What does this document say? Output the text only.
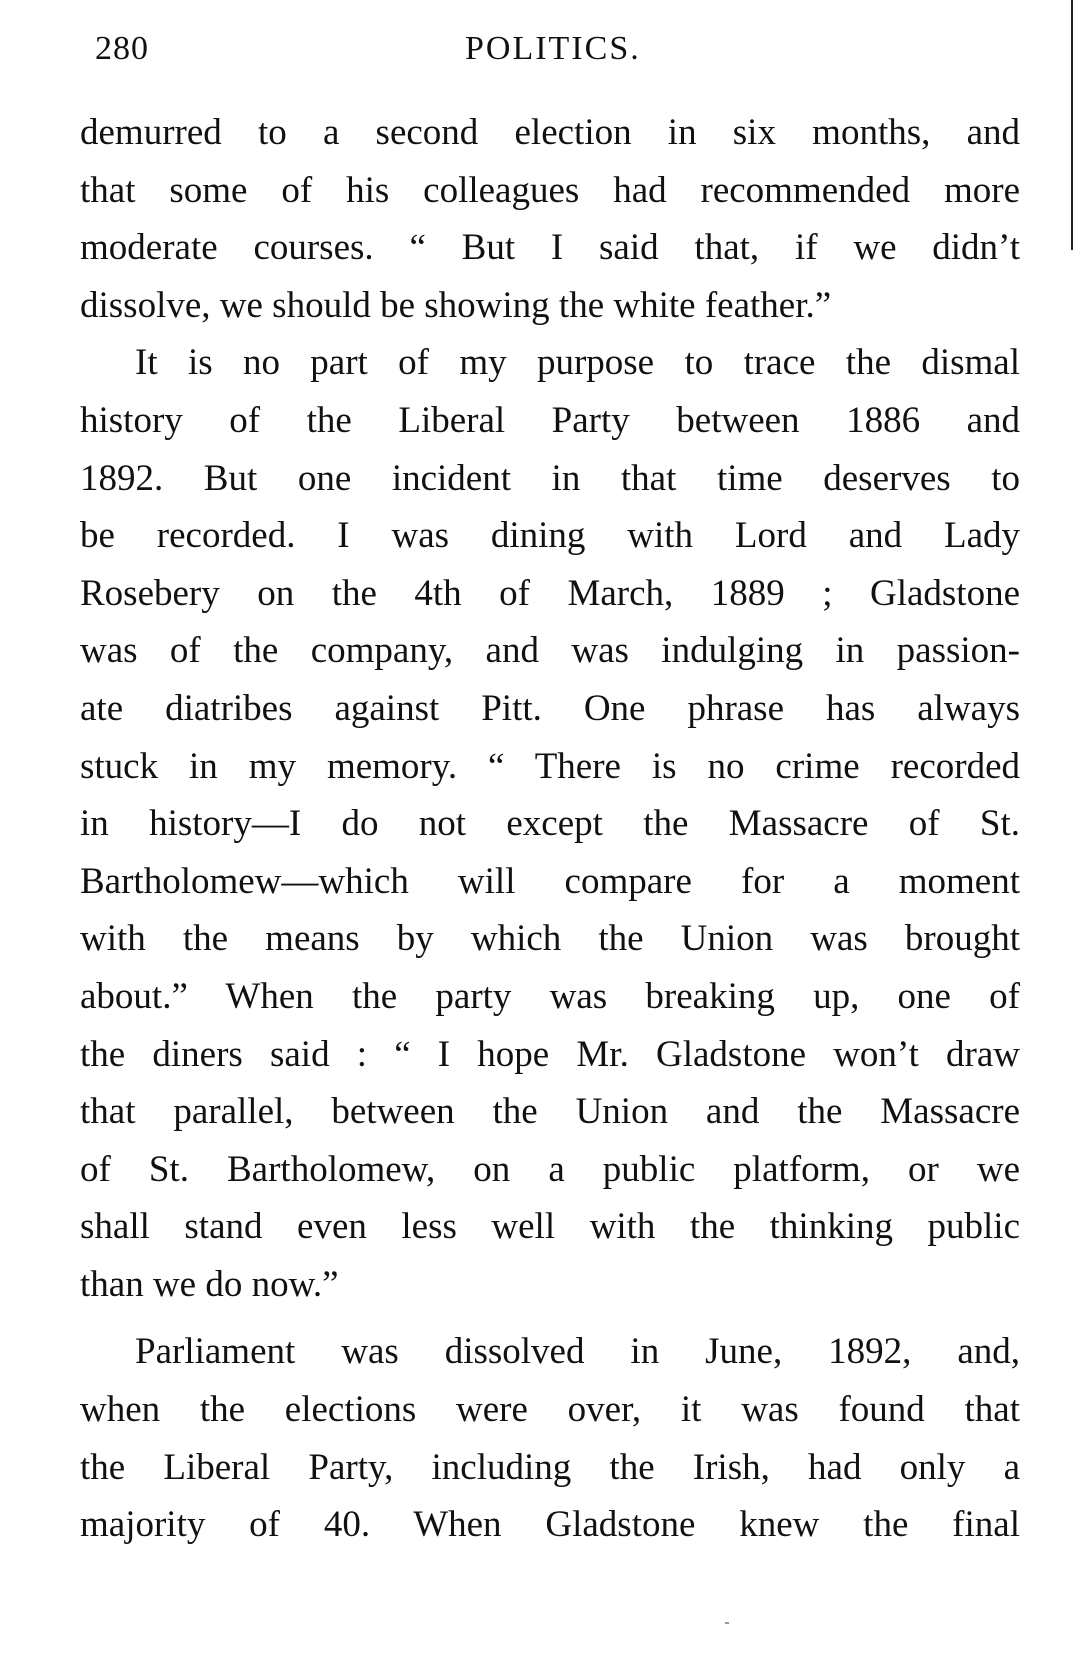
280	POLITICS.
demurred to a second election in six months, and
that some of his colleagues had recommended more
moderate courses. “ But I said that, if we didn’t
dissolve, we should be showing the white feather.”
It is no part of my purpose to trace the dismal
history of the Liberal Party between 1886 and
1892. But one incident in that time deserves to
be recorded. I was dining with Lord and Lady
Rosebery on the 4th of March, 1889 ; Gladstone
was of the company, and was indulging in passion-
ate diatribes against Pitt. One phrase has always
stuck in my memory. “ There is no crime recorded
in history—I do not except the Massacre of St.
Bartholomew—which will compare for a moment
with the means by which the Union was brought
about.” When the party was breaking up, one of
the diners said : “ I hope Mr. Gladstone won’t draw
that parallel, between the Union and the Massacre
of St. Bartholomew, on a public platform, or we
shall stand even less well with the thinking public
than we do now.”
Parliament was dissolved in June, 1892, and,
when the elections were over, it was found that
the Liberal Party, including the Irish, had only a
majority of 40. When Gladstone knew the final
